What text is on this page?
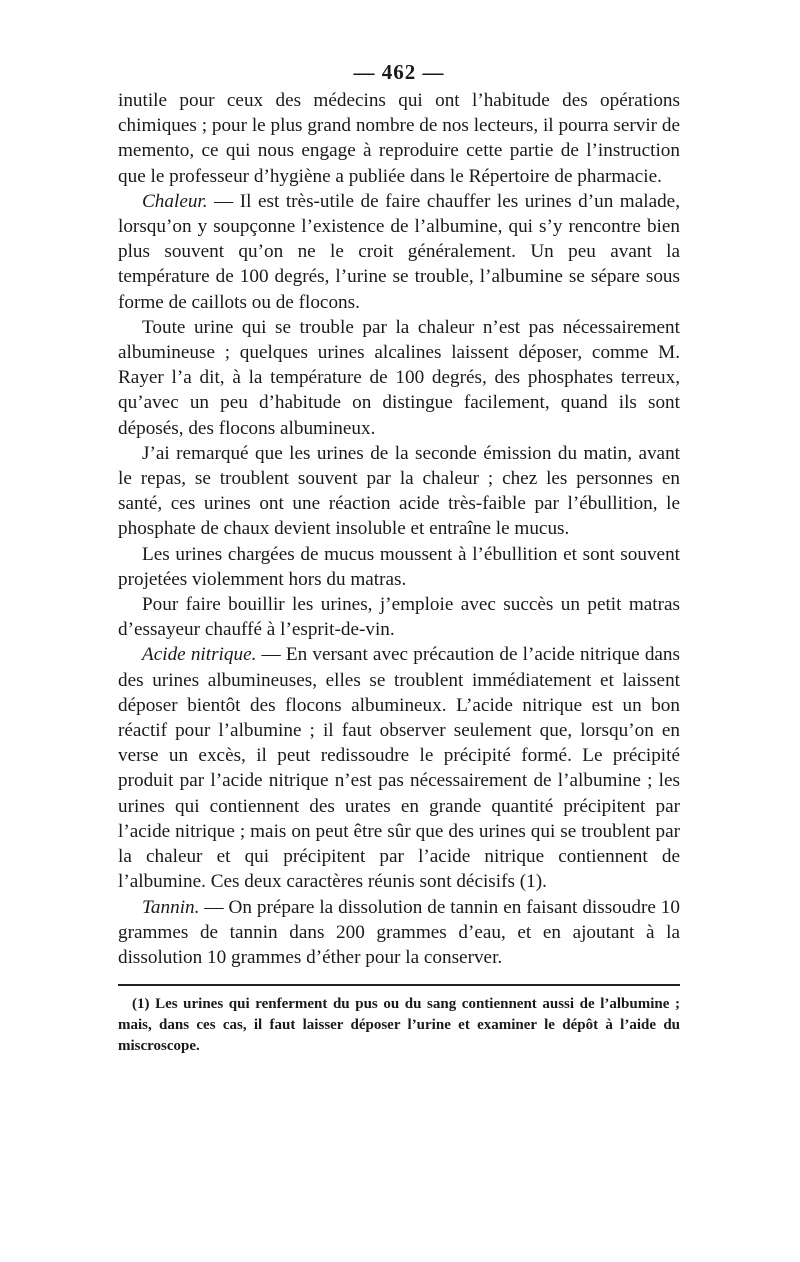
— 462 —

inutile pour ceux des médecins qui ont l’habitude des opérations chimiques ; pour le plus grand nombre de nos lecteurs, il pourra servir de memento, ce qui nous engage à reproduire cette partie de l’instruction que le professeur d’hygiène a publiée dans le Répertoire de pharmacie.

Chaleur. — Il est très-utile de faire chauffer les urines d’un malade, lorsqu’on y soupçonne l’existence de l’albumine, qui s’y rencontre bien plus souvent qu’on ne le croit généralement. Un peu avant la température de 100 degrés, l’urine se trouble, l’albumine se sépare sous forme de caillots ou de flocons.

Toute urine qui se trouble par la chaleur n’est pas nécessairement albumineuse ; quelques urines alcalines laissent déposer, comme M. Rayer l’a dit, à la température de 100 degrés, des phosphates terreux, qu’avec un peu d’habitude on distingue facilement, quand ils sont déposés, des flocons albumineux.

J’ai remarqué que les urines de la seconde émission du matin, avant le repas, se troublent souvent par la chaleur ; chez les personnes en santé, ces urines ont une réaction acide très-faible par l’ébullition, le phosphate de chaux devient insoluble et entraîne le mucus.

Les urines chargées de mucus moussent à l’ébullition et sont souvent projetées violemment hors du matras.

Pour faire bouillir les urines, j’emploie avec succès un petit matras d’essayeur chauffé à l’esprit-de-vin.

Acide nitrique. — En versant avec précaution de l’acide nitrique dans des urines albumineuses, elles se troublent immédiatement et laissent déposer bientôt des flocons albumineux. L’acide nitrique est un bon réactif pour l’albumine ; il faut observer seulement que, lorsqu’on en verse un excès, il peut redissoudre le précipité formé. Le précipité produit par l’acide nitrique n’est pas nécessairement de l’albumine ; les urines qui contiennent des urates en grande quantité précipitent par l’acide nitrique ; mais on peut être sûr que des urines qui se troublent par la chaleur et qui précipitent par l’acide nitrique contiennent de l’albumine. Ces deux caractères réunis sont décisifs (1).

Tannin. — On prépare la dissolution de tannin en faisant dissoudre 10 grammes de tannin dans 200 grammes d’eau, et en ajoutant à la dissolution 10 grammes d’éther pour la conserver.

(1) Les urines qui renferment du pus ou du sang contiennent aussi de l’albumine ; mais, dans ces cas, il faut laisser déposer l’urine et examiner le dépôt à l’aide du miscroscope.
